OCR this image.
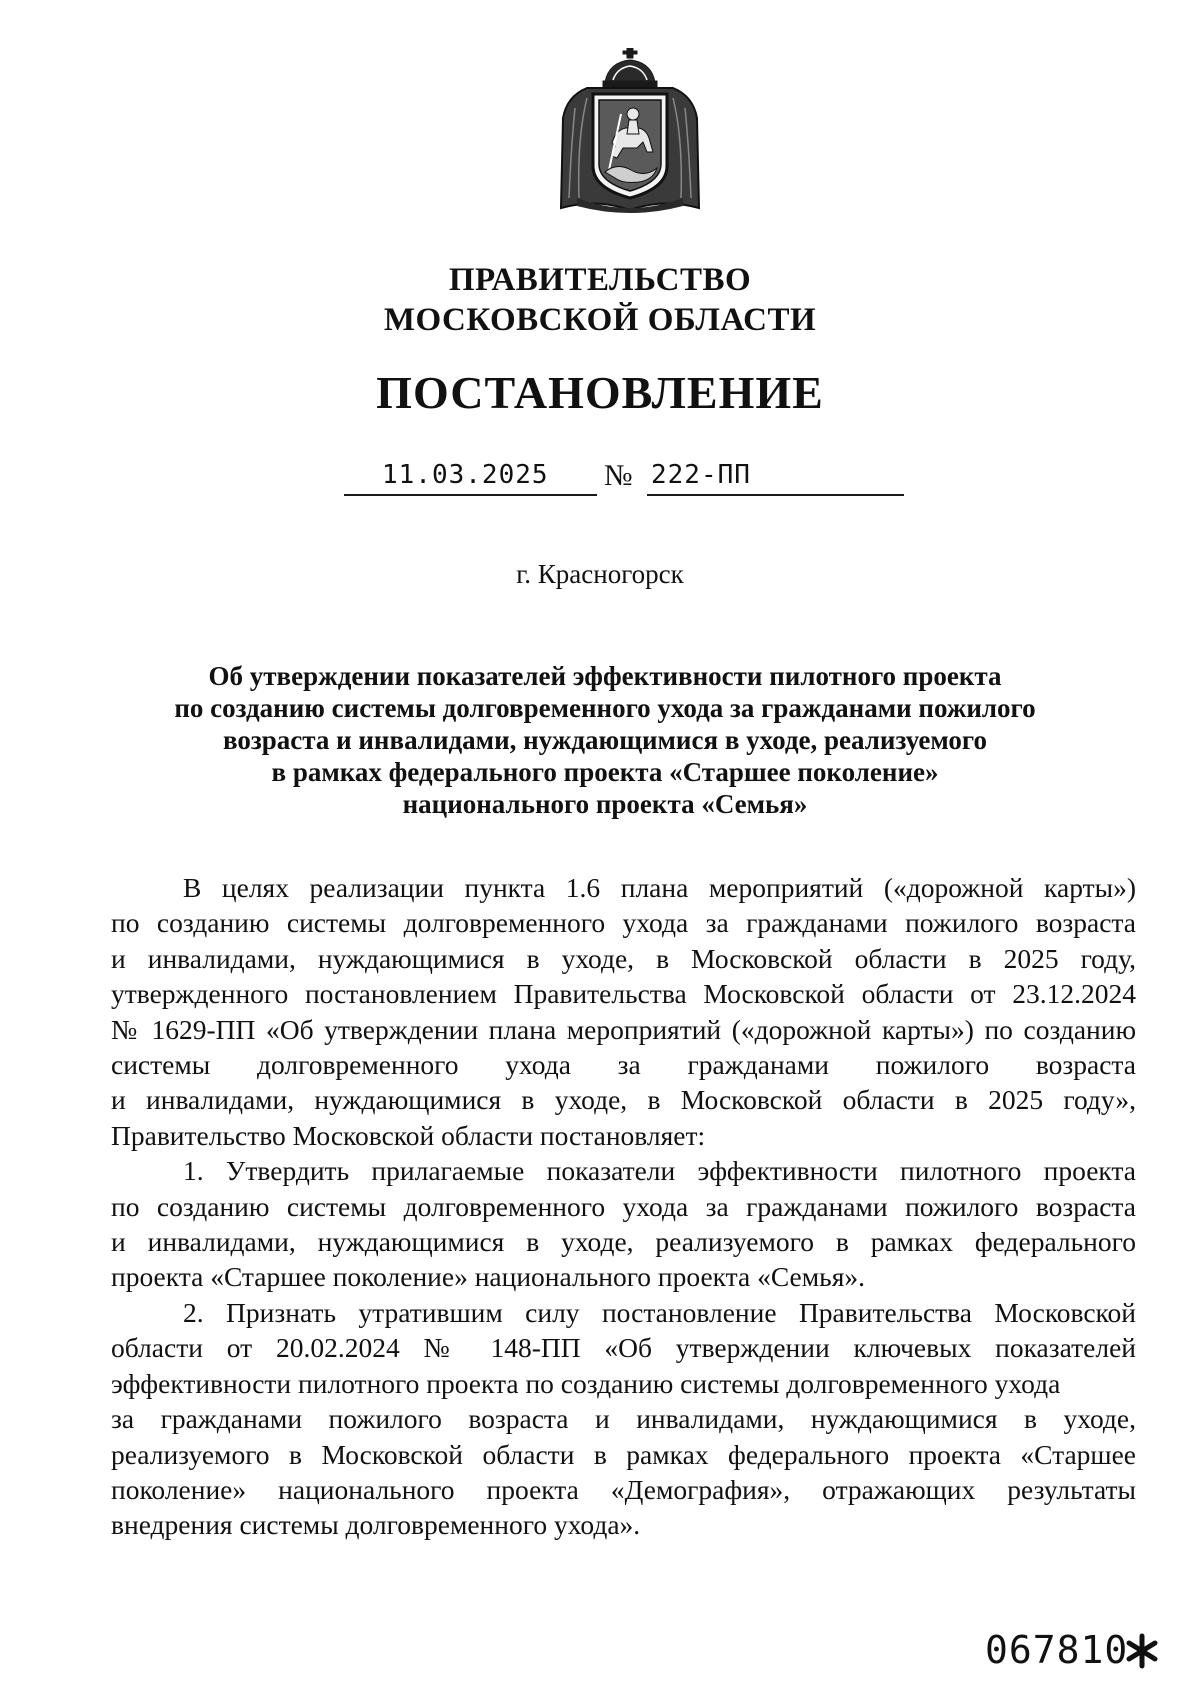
ПРАВИТЕЛЬСТВО
МОСКОВСКОЙ ОБЛАСТИ
ПОСТАНОВЛЕНИЕ
11.03.2025 № 222-ПП
г. Красногорск
Об утверждении показателей эффективности пилотного проекта
по созданию системы долговременного ухода за гражданами пожилого
возраста и инвалидами, нуждающимися в уходе, реализуемого
в рамках федерального проекта «Старшее поколение»
национального проекта «Семья»

В целях реализации пункта 1.6 плана мероприятий («дорожной карты»)

по созданию системы долговременного ухода за гражданами пожилого возраста

и инвалидами, нуждающимися в уходе, в Московской области в 2025 году,

утвержденного постановлением Правительства Московской области от 23.12.2024

№ 1629-ПП «Об утверждении плана мероприятий («дорожной карты») по созданию

системы долговременного ухода за гражданами пожилого возраста

и инвалидами, нуждающимися в уходе, в Московской области в 2025 году»,

Правительство Московской области постановляет:

1. Утвердить прилагаемые показатели эффективности пилотного проекта

по созданию системы долговременного ухода за гражданами пожилого возраста

и инвалидами, нуждающимися в уходе, реализуемого в рамках федерального

проекта «Старшее поколение» национального проекта «Семья».

2. Признать утратившим силу постановление Правительства Московской

области от 20.02.2024 № 148-ПП «Об утверждении ключевых показателей

эффективности пилотного проекта по созданию системы долговременного ухода

за гражданами пожилого возраста и инвалидами, нуждающимися в уходе,

реализуемого в Московской области в рамках федерального проекта «Старшее

поколение» национального проекта «Демография», отражающих результаты

внедрения системы долговременного ухода».

067810
